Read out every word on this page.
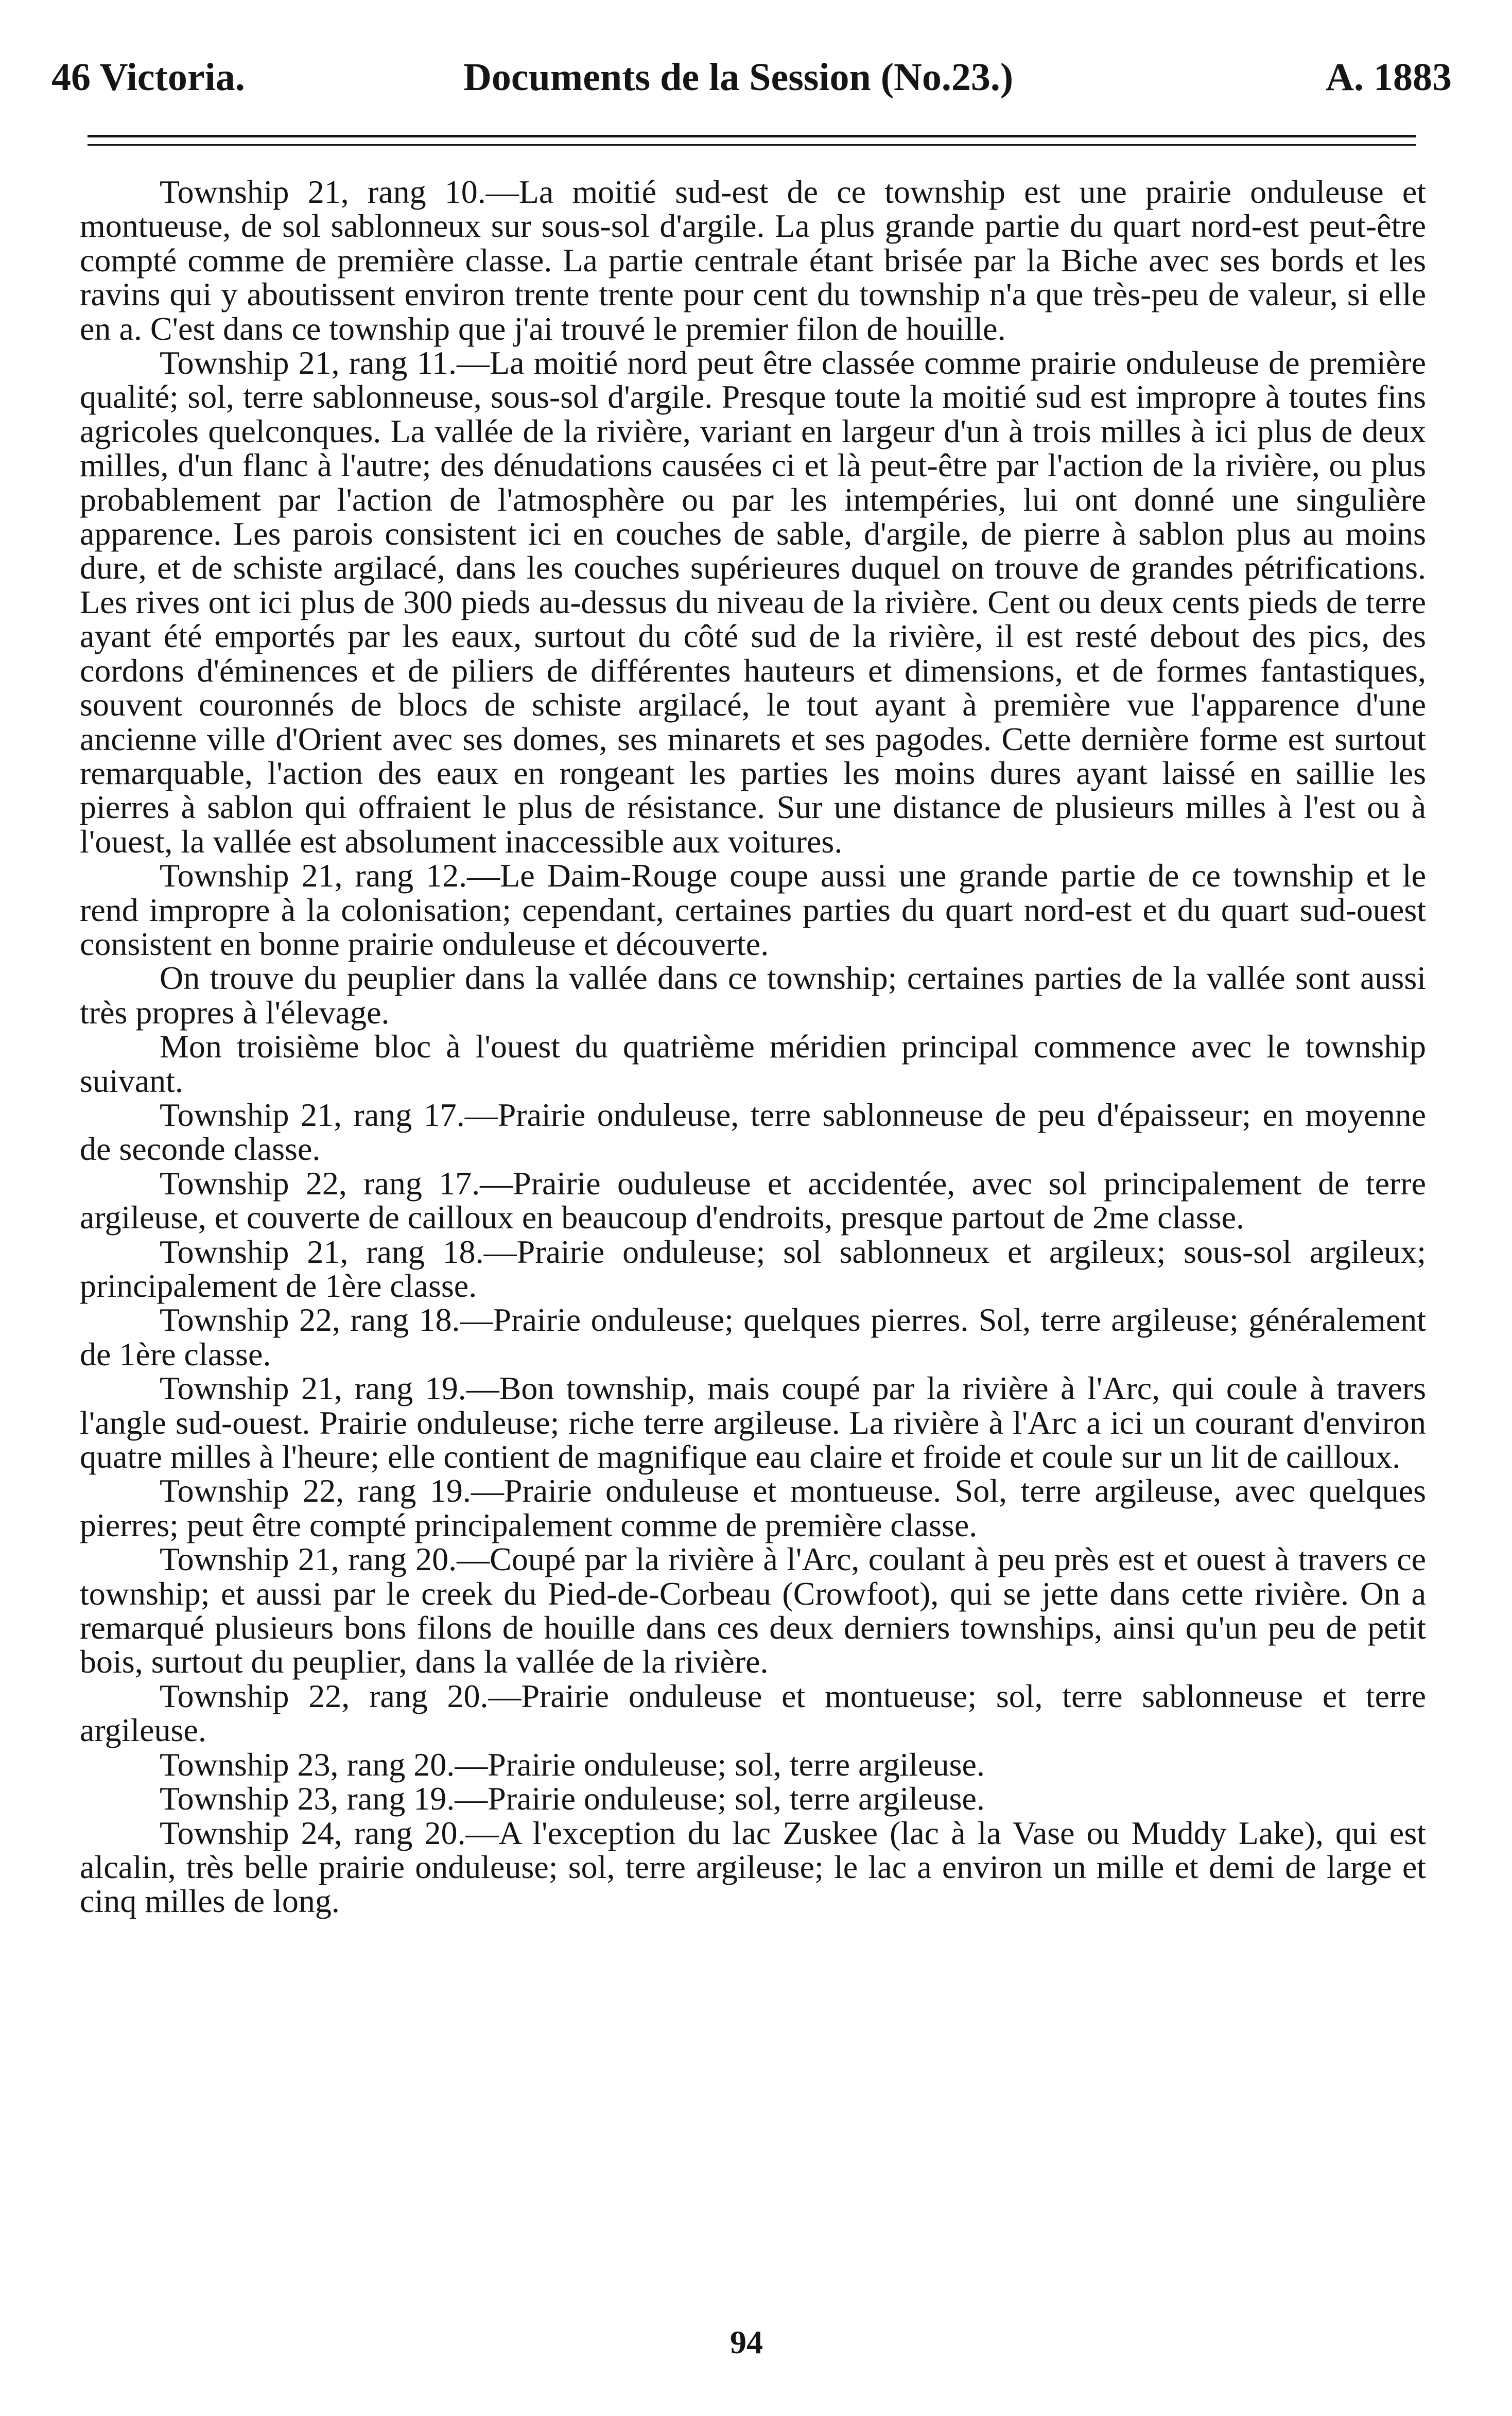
46 Victoria.	Documents de la Session (No.23.)	A. 1883

Township 21, rang 10.—La moitié sud-est de ce township est une prairie onduleuse et montueuse, de sol sablonneux sur sous-sol d'argile. La plus grande partie du quart nord-est peut-être compté comme de première classe. La partie centrale étant brisée par la Biche avec ses bords et les ravins qui y aboutissent environ trente trente pour cent du township n'a que très-peu de valeur, si elle en a. C'est dans ce township que j'ai trouvé le premier filon de houille.

Township 21, rang 11.—La moitié nord peut être classée comme prairie onduleuse de première qualité; sol, terre sablonneuse, sous-sol d'argile. Presque toute la moitié sud est impropre à toutes fins agricoles quelconques. La vallée de la rivière, variant en largeur d'un à trois milles à ici plus de deux milles, d'un flanc à l'autre; des dénudations causées ci et là peut-être par l'action de la rivière, ou plus probablement par l'action de l'atmosphère ou par les intempéries, lui ont donné une singulière apparence. Les parois consistent ici en couches de sable, d'argile, de pierre à sablon plus au moins dure, et de schiste argilacé, dans les couches supérieures duquel on trouve de grandes pétrifications. Les rives ont ici plus de 300 pieds au-dessus du niveau de la rivière. Cent ou deux cents pieds de terre ayant été emportés par les eaux, surtout du côté sud de la rivière, il est resté debout des pics, des cordons d'éminences et de piliers de différentes hauteurs et dimensions, et de formes fantastiques, souvent couronnés de blocs de schiste argilacé, le tout ayant à première vue l'apparence d'une ancienne ville d'Orient avec ses domes, ses minarets et ses pagodes. Cette dernière forme est surtout remarquable, l'action des eaux en rongeant les parties les moins dures ayant laissé en saillie les pierres à sablon qui offraient le plus de résistance. Sur une distance de plusieurs milles à l'est ou à l'ouest, la vallée est absolument inaccessible aux voitures.

Township 21, rang 12.—Le Daim-Rouge coupe aussi une grande partie de ce township et le rend impropre à la colonisation; cependant, certaines parties du quart nord-est et du quart sud-ouest consistent en bonne prairie onduleuse et découverte.

On trouve du peuplier dans la vallée dans ce township; certaines parties de la vallée sont aussi très propres à l'élevage.

Mon troisième bloc à l'ouest du quatrième méridien principal commence avec le township suivant.

Township 21, rang 17.—Prairie onduleuse, terre sablonneuse de peu d'épaisseur; en moyenne de seconde classe.

Township 22, rang 17.—Prairie ouduleuse et accidentée, avec sol principalement de terre argileuse, et couverte de cailloux en beaucoup d'endroits, presque partout de 2me classe.

Township 21, rang 18.—Prairie onduleuse; sol sablonneux et argileux; sous-sol argileux; principalement de 1ère classe.

Township 22, rang 18.—Prairie onduleuse; quelques pierres. Sol, terre argileuse; généralement de 1ère classe.

Township 21, rang 19.—Bon township, mais coupé par la rivière à l'Arc, qui coule à travers l'angle sud-ouest. Prairie onduleuse; riche terre argileuse. La rivière à l'Arc a ici un courant d'environ quatre milles à l'heure; elle contient de magnifique eau claire et froide et coule sur un lit de cailloux.

Township 22, rang 19.—Prairie onduleuse et montueuse. Sol, terre argileuse, avec quelques pierres; peut être compté principalement comme de première classe.

Township 21, rang 20.—Coupé par la rivière à l'Arc, coulant à peu près est et ouest à travers ce township; et aussi par le creek du Pied-de-Corbeau (Crowfoot), qui se jette dans cette rivière. On a remarqué plusieurs bons filons de houille dans ces deux derniers townships, ainsi qu'un peu de petit bois, surtout du peuplier, dans la vallée de la rivière.

Township 22, rang 20.—Prairie onduleuse et montueuse; sol, terre sablonneuse et terre argileuse.

Township 23, rang 20.—Prairie onduleuse; sol, terre argileuse.

Township 23, rang 19.—Prairie onduleuse; sol, terre argileuse.

Township 24, rang 20.—A l'exception du lac Zuskee (lac à la Vase ou Muddy Lake), qui est alcalin, très belle prairie onduleuse; sol, terre argileuse; le lac a environ un mille et demi de large et cinq milles de long.

94
